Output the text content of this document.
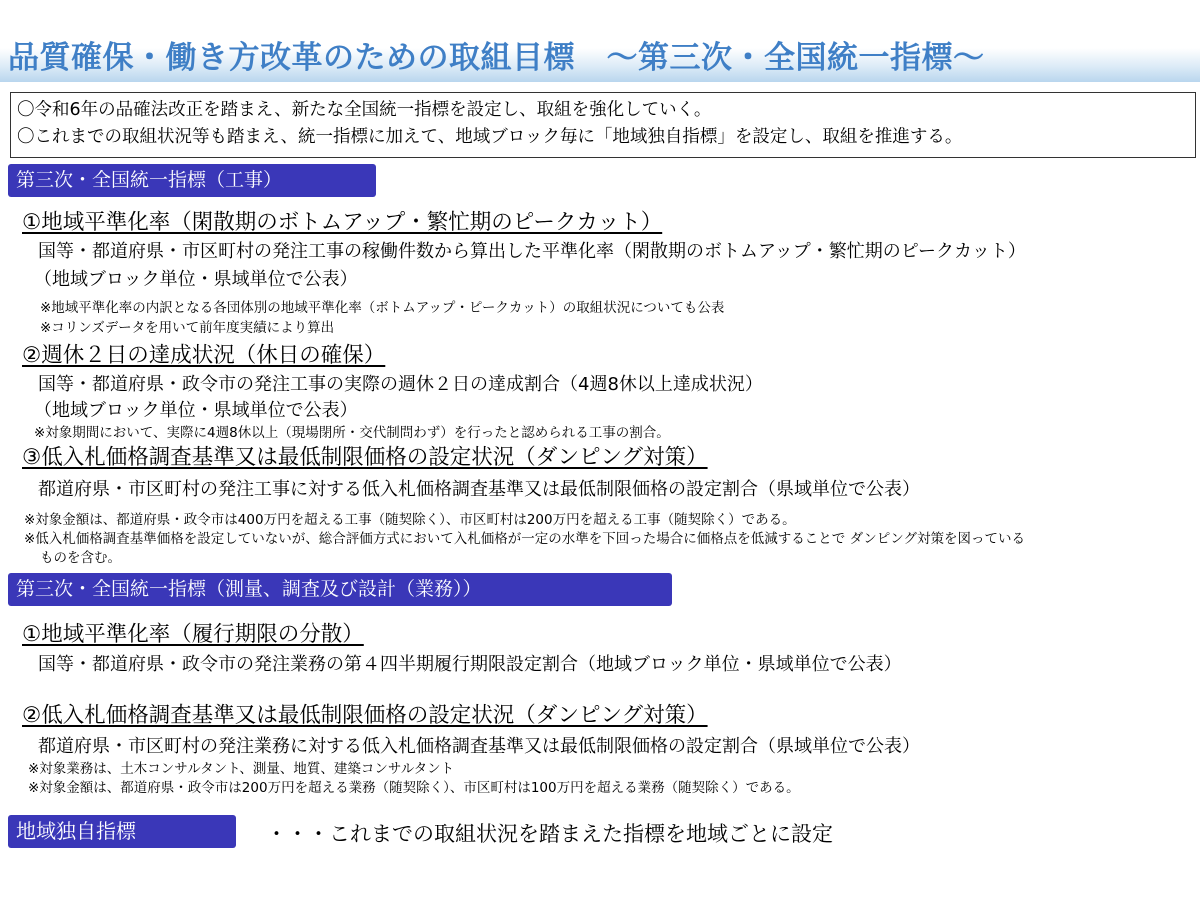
品質確保・働き方改革のための取組目標　～第三次・全国統一指標～
〇令和6年の品確法改正を踏まえ、新たな全国統一指標を設定し、取組を強化していく。
〇これまでの取組状況等も踏まえ、統一指標に加えて、地域ブロック毎に「地域独自指標」を設定し、取組を推進する。
第三次・全国統一指標（工事）
①地域平準化率（閑散期のボトムアップ・繁忙期のピークカット）
国等・都道府県・市区町村の発注工事の稼働件数から算出した平準化率（閑散期のボトムアップ・繁忙期のピークカット）
（地域ブロック単位・県域単位で公表）
※地域平準化率の内訳となる各団体別の地域平準化率（ボトムアップ・ピークカット）の取組状況についても公表
※コリンズデータを用いて前年度実績により算出
②週休２日の達成状況（休日の確保）
国等・都道府県・政令市の発注工事の実際の週休２日の達成割合（4週8休以上達成状況）
（地域ブロック単位・県域単位で公表）
※対象期間において、実際に4週8休以上（現場閉所・交代制問わず）を行ったと認められる工事の割合。
③低入札価格調査基準又は最低制限価格の設定状況（ダンピング対策）
都道府県・市区町村の発注工事に対する低入札価格調査基準又は最低制限価格の設定割合（県域単位で公表）
※対象金額は、都道府県・政令市は400万円を超える工事（随契除く）、市区町村は200万円を超える工事（随契除く）である。
※低入札価格調査基準価格を設定していないが、総合評価方式において入札価格が一定の水準を下回った場合に価格点を低減することで ダンピング対策を図っている
ものを含む。
第三次・全国統一指標（測量、調査及び設計（業務））
①地域平準化率（履行期限の分散）
国等・都道府県・政令市の発注業務の第４四半期履行期限設定割合（地域ブロック単位・県域単位で公表）
②低入札価格調査基準又は最低制限価格の設定状況（ダンピング対策）
都道府県・市区町村の発注業務に対する低入札価格調査基準又は最低制限価格の設定割合（県域単位で公表）
※対象業務は、土木コンサルタント、測量、地質、建築コンサルタント
※対象金額は、都道府県・政令市は200万円を超える業務（随契除く）、市区町村は100万円を超える業務（随契除く）である。
地域独自指標	・・・これまでの取組状況を踏まえた指標を地域ごとに設定
